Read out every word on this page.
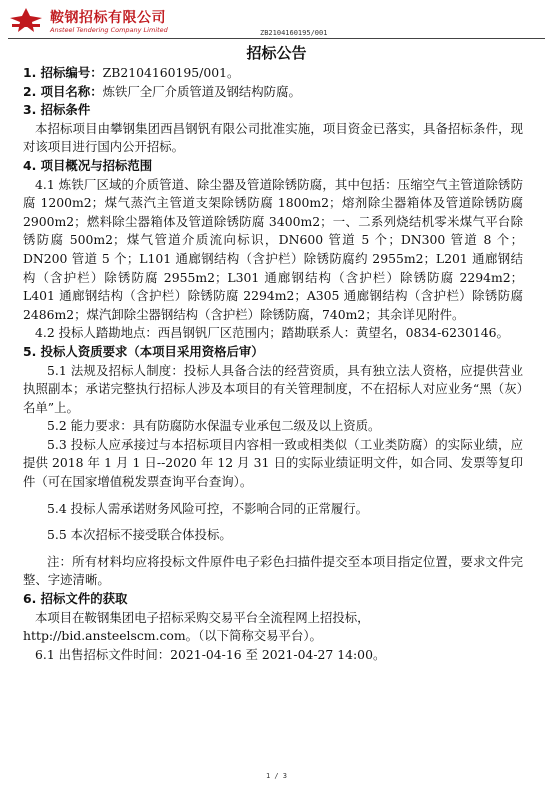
鞍钢招标有限公司
Ansteel Tendering Company Limited	ZB2104160195/001
招标公告

1. 招标编号：ZB2104160195/001。

2. 项目名称：炼铁厂全厂介质管道及钢结构防腐。

3. 招标条件

本招标项目由攀钢集团西昌钢钒有限公司批准实施，项目资金已落实，具备招标条件，现对该项目进行国内公开招标。

4. 项目概况与招标范围

4.1 炼铁厂区域的介质管道、除尘器及管道除锈防腐，其中包括：压缩空气主管道除锈防腐 1200m2；煤气蒸汽主管道支架除锈防腐 1800m2；熔剂除尘器箱体及管道除锈防腐 2900m2；燃料除尘器箱体及管道除锈防腐 3400m2；一、二系列烧结机零米煤气平台除锈防腐 500m2；煤气管道介质流向标识，DN600 管道 5 个；DN300 管道 8 个；DN200 管道 5 个；L101 通廊钢结构（含护栏）除锈防腐约 2955m2；L201 通廊钢结构（含护栏）除锈防腐 2955m2；L301 通廊钢结构（含护栏）除锈防腐 2294m2；L401 通廊钢结构（含护栏）除锈防腐 2294m2；A305 通廊钢结构（含护栏）除锈防腐 2486m2；煤汽卸除尘器钢结构（含护栏）除锈防腐，740m2；其余详见附件。

4.2 投标人踏勘地点：西昌钢钒厂区范围内；踏勘联系人：黄望名，0834-6230146。

5. 投标人资质要求（本项目采用资格后审）

5.1 法规及招标人制度：投标人具备合法的经营资质，具有独立法人资格，应提供营业执照副本；承诺完整执行招标人涉及本项目的有关管理制度，不在招标人对应业务“黑（灰）名单”上。

5.2 能力要求：具有防腐防水保温专业承包二级及以上资质。

5.3 投标人应承接过与本招标项目内容相一致或相类似（工业类防腐）的实际业绩，应提供 2018 年 1 月 1 日--2020 年 12 月 31 日的实际业绩证明文件，如合同、发票等复印件（可在国家增值税发票查询平台查询）。

5.4 投标人需承诺财务风险可控，不影响合同的正常履行。

5.5 本次招标不接受联合体投标。

注：所有材料均应将投标文件原件电子彩色扫描件提交至本项目指定位置，要求文件完整、字迹清晰。

6. 招标文件的获取

本项目在鞍钢集团电子招标采购交易平台全流程网上招投标，

http://bid.ansteelscm.com。（以下简称交易平台）。

6.1 出售招标文件时间：2021-04-16 至 2021-04-27 14:00。

1 / 3
